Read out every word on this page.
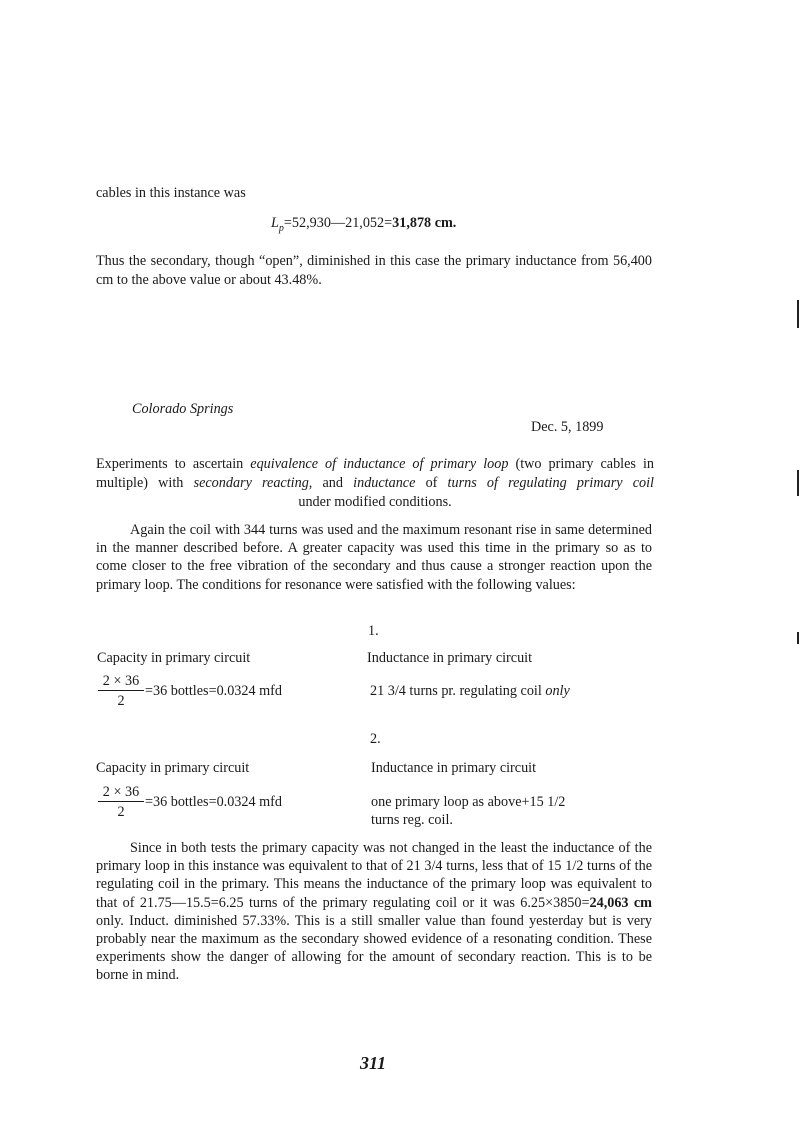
cables in this instance was
$L_p=52,930—21,052=31,878$ cm.
Thus the secondary, though “open”, diminished in this case the primary inductance from 56,400 cm to the above value or about 43.48%.
Colorado Springs
Dec. 5, 1899
Experiments to ascertain equivalence of inductance of primary loop (two primary cables in multiple) with secondary reacting, and inductance of turns of regulating primary coil
under modified conditions.
Again the coil with 344 turns was used and the maximum resonant rise in same determined in the manner described before. A greater capacity was used this time in the primary so as to come closer to the free vibration of the secondary and thus cause a stronger reaction upon the primary loop. The conditions for resonance were satisfied with the following values:
1.
Capacity in primary circuit	Inductance in primary circuit
2 × 36
2
=36 bottles=0.0324 mfd	21 3/4 turns pr. regulating coil only
2.
Capacity in primary circuit	Inductance in primary circuit
2 × 36
2
=36 bottles=0.0324 mfd	one primary loop as above+15 1/2
turns reg. coil.
Since in both tests the primary capacity was not changed in the least the inductance of the primary loop in this instance was equivalent to that of 21 3/4 turns, less that of 15 1/2 turns of the regulating coil in the primary. This means the inductance of the primary loop was equivalent to that of 21.75—15.5=6.25 turns of the primary regulating coil or it was 6.25×3850=24,063 cm only. Induct. diminished 57.33%. This is a still smaller value than found yesterday but is very probably near the maximum as the secondary showed evidence of a resonating condition. These experiments show the danger of allowing for the amount of secondary reaction. This is to be borne in mind.
311
